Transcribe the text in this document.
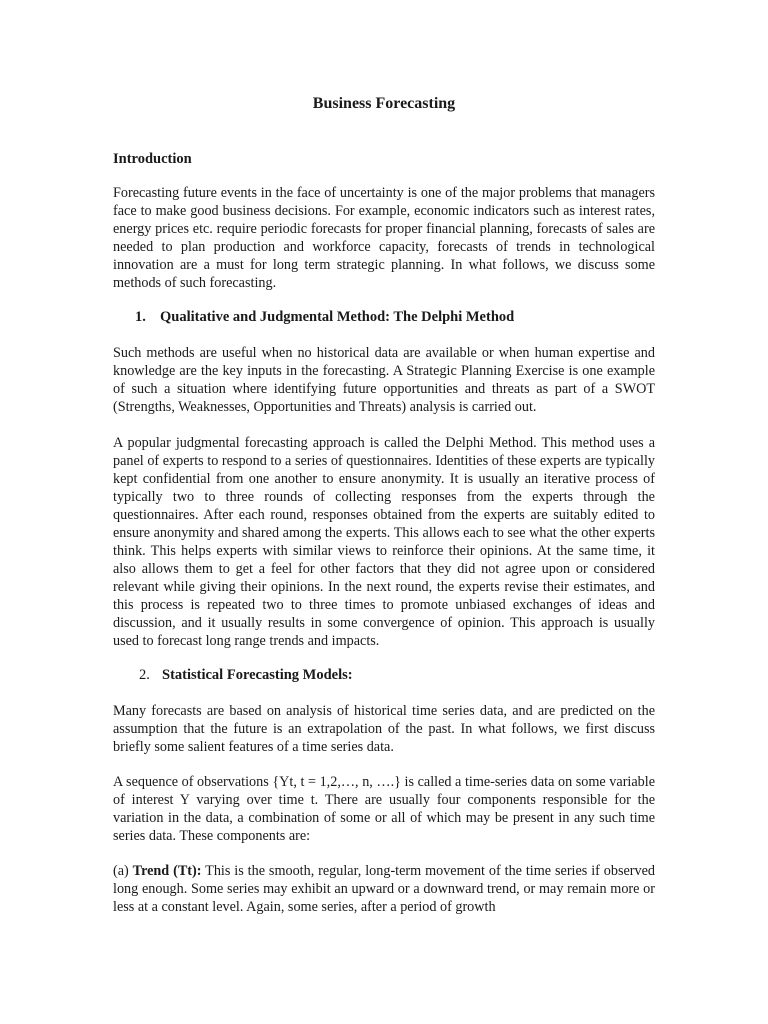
Business Forecasting
Introduction

Forecasting future events in the face of uncertainty is one of the major problems that managers face to make good business decisions. For example, economic indicators such as interest rates, energy prices etc. require periodic forecasts for proper financial planning, forecasts of sales are needed to plan production and workforce capacity, forecasts of trends in technological innovation are a must for long term strategic planning. In what follows, we discuss some methods of such forecasting.

1. Qualitative and Judgmental Method: The Delphi Method

Such methods are useful when no historical data are available or when human expertise and knowledge are the key inputs in the forecasting. A Strategic Planning Exercise is one example of such a situation where identifying future opportunities and threats as part of a SWOT (Strengths, Weaknesses, Opportunities and Threats) analysis is carried out.

A popular judgmental forecasting approach is called the Delphi Method. This method uses a panel of experts to respond to a series of questionnaires. Identities of these experts are typically kept confidential from one another to ensure anonymity. It is usually an iterative process of typically two to three rounds of collecting responses from the experts through the questionnaires. After each round, responses obtained from the experts are suitably edited to ensure anonymity and shared among the experts. This allows each to see what the other experts think. This helps experts with similar views to reinforce their opinions. At the same time, it also allows them to get a feel for other factors that they did not agree upon or considered relevant while giving their opinions. In the next round, the experts revise their estimates, and this process is repeated two to three times to promote unbiased exchanges of ideas and discussion, and it usually results in some convergence of opinion. This approach is usually used to forecast long range trends and impacts.

2. Statistical Forecasting Models:

Many forecasts are based on analysis of historical time series data, and are predicted on the assumption that the future is an extrapolation of the past. In what follows, we first discuss briefly some salient features of a time series data.

A sequence of observations {Yt, t = 1,2,…, n, ….} is called a time-series data on some variable of interest Y varying over time t. There are usually four components responsible for the variation in the data, a combination of some or all of which may be present in any such time series data. These components are:

(a) Trend (Tt): This is the smooth, regular, long-term movement of the time series if observed long enough. Some series may exhibit an upward or a downward trend, or may remain more or less at a constant level. Again, some series, after a period of growth
